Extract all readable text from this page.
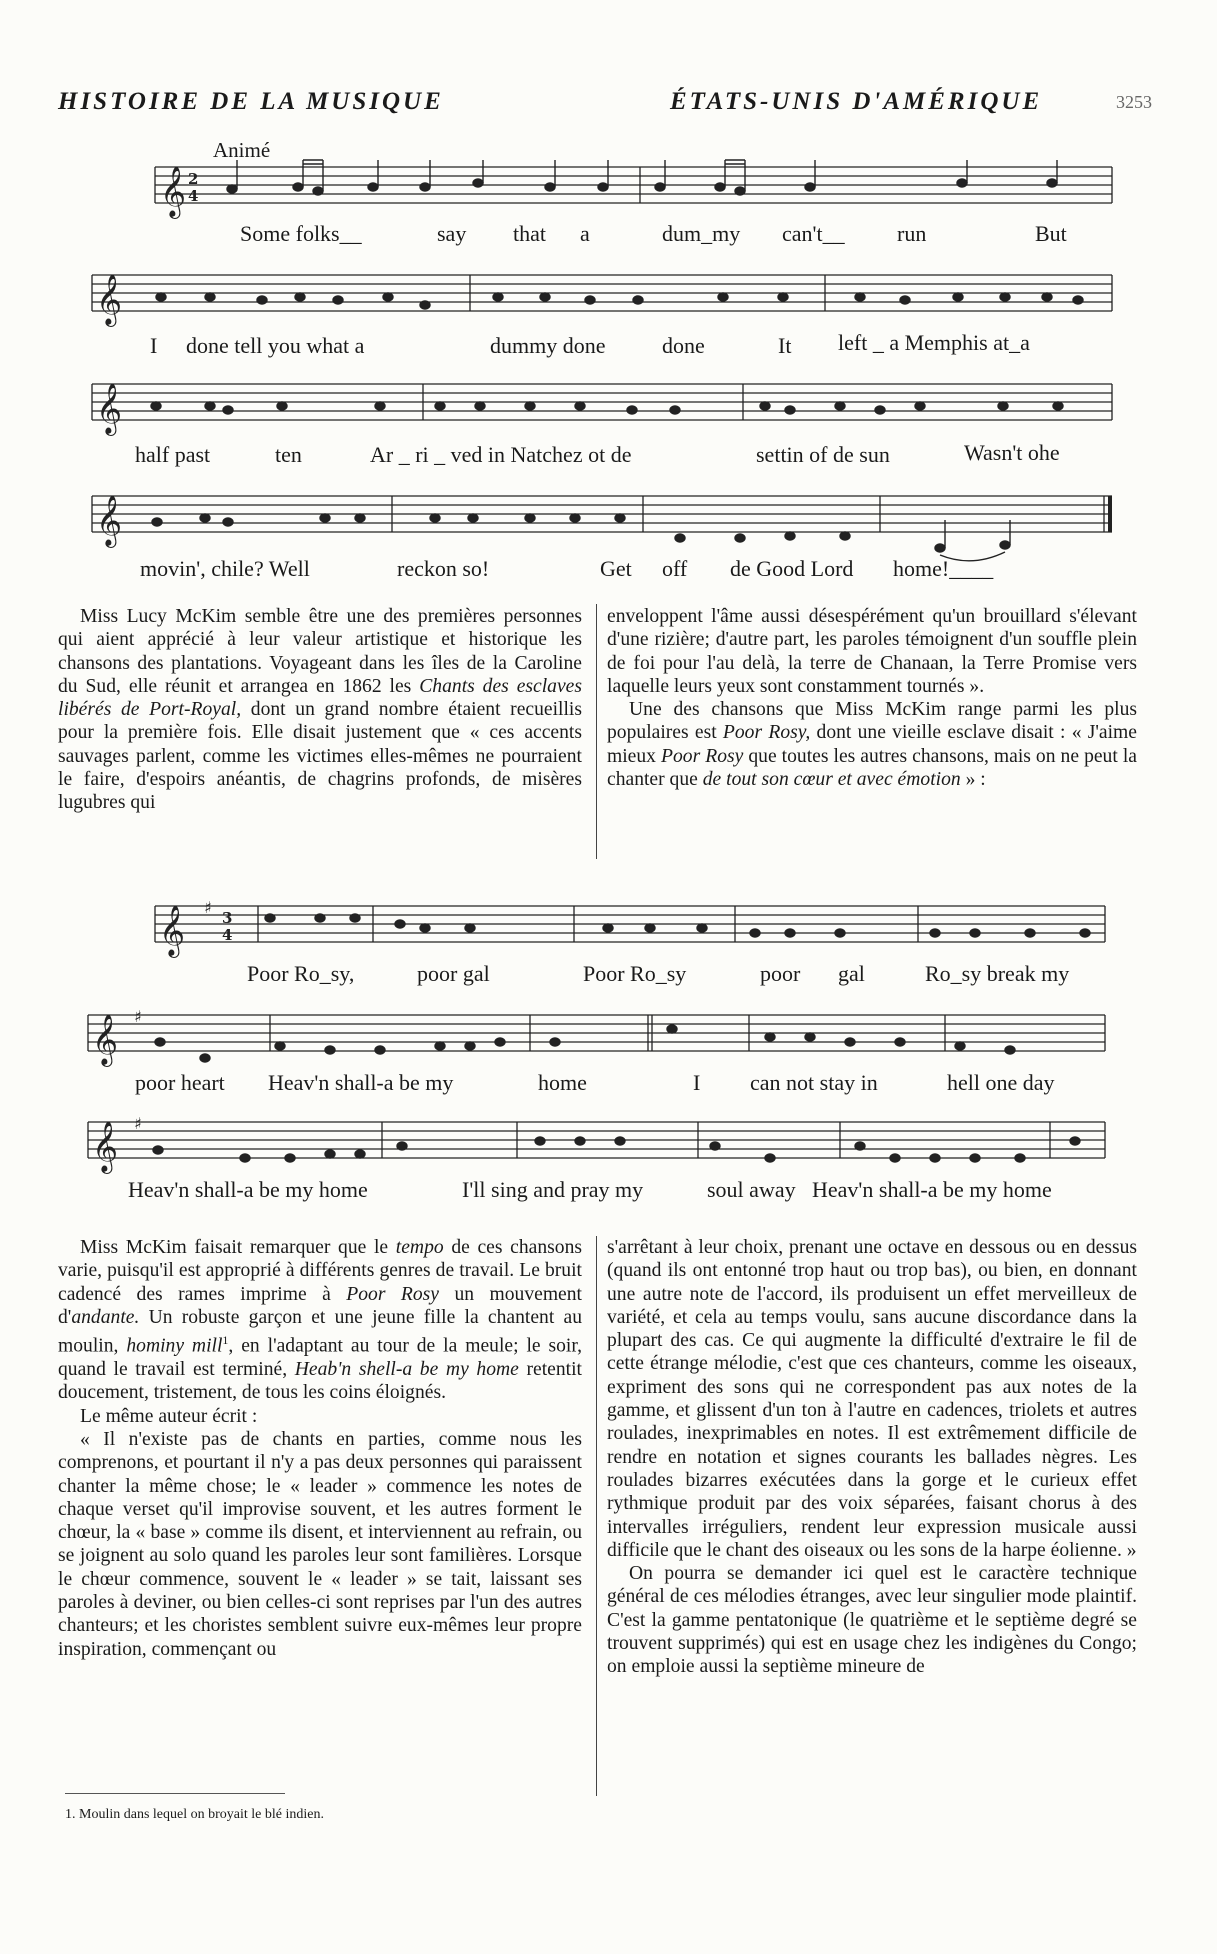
HISTOIRE DE LA MUSIQUE	ÉTATS-UNIS D'AMÉRIQUE	3253
Animé
𝄞
𝄞
𝄞
𝄞
𝄞
𝄞
𝄞
2
4
3
4
♯
♯
♯
Some folks__	say that a	dum_my can't__ run	But
I done tell you what a	dummy done	done	It left _ a Memphis at_a
half past	ten	Ar _ ri _ ved in Natchez ot de	settin of de sun	Wasn't ohe
movin', chile? Well	reckon so!	Get off de Good Lord home!____

Miss Lucy McKim semble être une des premières personnes qui aient apprécié à leur valeur artistique et historique les chansons des plantations. Voyageant dans les îles de la Caroline du Sud, elle réunit et arrangea en 1862 les Chants des esclaves libérés de Port-Royal, dont un grand nombre étaient recueillis pour la première fois. Elle disait justement que « ces accents sauvages parlent, comme les victimes elles-mêmes ne pourraient le faire, d'espoirs anéantis, de chagrins profonds, de misères lugubres qui

enveloppent l'âme aussi désespérément qu'un brouillard s'élevant d'une rizière; d'autre part, les paroles témoignent d'un souffle plein de foi pour l'au delà, la terre de Chanaan, la Terre Promise vers laquelle leurs yeux sont constamment tournés ».

Une des chansons que Miss McKim range parmi les plus populaires est Poor Rosy, dont une vieille esclave disait : « J'aime mieux Poor Rosy que toutes les autres chansons, mais on ne peut la chanter que de tout son cœur et avec émotion » :

Poor Ro_sy,	poor gal	Poor Ro_sy	poor gal	Ro_sy break my
poor heart Heav'n shall-a be my	home	I can not stay in	hell one day
Heav'n shall-a be my home	I'll sing and pray my	soul away Heav'n shall-a be my home

Miss McKim faisait remarquer que le tempo de ces chansons varie, puisqu'il est approprié à différents genres de travail. Le bruit cadencé des rames imprime à Poor Rosy un mouvement d'andante. Un robuste garçon et une jeune fille la chantent au moulin, hominy mill$^1$, en l'adaptant au tour de la meule; le soir, quand le travail est terminé, Heab'n shell-a be my home retentit doucement, tristement, de tous les coins éloignés.

Le même auteur écrit :

« Il n'existe pas de chants en parties, comme nous les comprenons, et pourtant il n'y a pas deux personnes qui paraissent chanter la même chose; le « leader » commence les notes de chaque verset qu'il improvise souvent, et les autres forment le chœur, la « base » comme ils disent, et interviennent au refrain, ou se joignent au solo quand les paroles leur sont familières. Lorsque le chœur commence, souvent le « leader » se tait, laissant ses paroles à deviner, ou bien celles-ci sont reprises par l'un des autres chanteurs; et les choristes semblent suivre eux-mêmes leur propre inspiration, commençant ou

s'arrêtant à leur choix, prenant une octave en dessous ou en dessus (quand ils ont entonné trop haut ou trop bas), ou bien, en donnant une autre note de l'accord, ils produisent un effet merveilleux de variété, et cela au temps voulu, sans aucune discordance dans la plupart des cas. Ce qui augmente la difficulté d'extraire le fil de cette étrange mélodie, c'est que ces chanteurs, comme les oiseaux, expriment des sons qui ne correspondent pas aux notes de la gamme, et glissent d'un ton à l'autre en cadences, triolets et autres roulades, inexprimables en notes. Il est extrêmement difficile de rendre en notation et signes courants les ballades nègres. Les roulades bizarres exécutées dans la gorge et le curieux effet rythmique produit par des voix séparées, faisant chorus à des intervalles irréguliers, rendent leur expression musicale aussi difficile que le chant des oiseaux ou les sons de la harpe éolienne. »

On pourra se demander ici quel est le caractère technique général de ces mélodies étranges, avec leur singulier mode plaintif. C'est la gamme pentatonique (le quatrième et le septième degré se trouvent supprimés) qui est en usage chez les indigènes du Congo; on emploie aussi la septième mineure de

1. Moulin dans lequel on broyait le blé indien.
